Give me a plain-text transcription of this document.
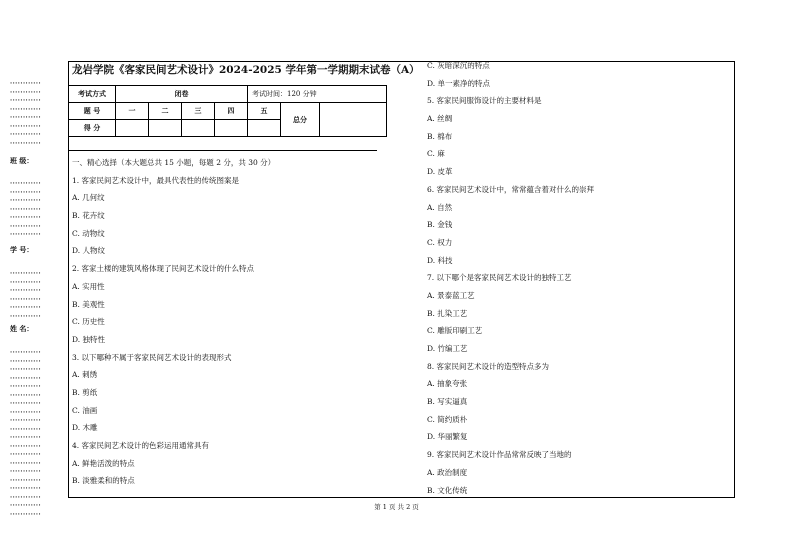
············
············
············
············
············
············
············
············
班 级：
············
············
············
············
············
············
············
学 号：
············
············
············
············
············
············
姓 名：
············
············
············
············
············
············
············
············
············
············
············
············
············
············
············
············
············
············
············
············
龙岩学院《客家民间艺术设计》2024-2025 学年第一学期期末试卷（A）
考试方式	闭卷				考试时间：120 分钟		
题 号	一	二	三	四	五	总分	
得 分							
一、精心选择（本大题总共 15 小题，每题 2 分，共 30 分）
1. 客家民间艺术设计中，最具代表性的传统图案是
A. 几何纹
B. 花卉纹
C. 动物纹
D. 人物纹
2. 客家土楼的建筑风格体现了民间艺术设计的什么特点
A. 实用性
B. 美观性
C. 历史性
D. 独特性
3. 以下哪种不属于客家民间艺术设计的表现形式
A. 刺绣
B. 剪纸
C. 油画
D. 木雕
4. 客家民间艺术设计的色彩运用通常具有
A. 鲜艳活泼的特点
B. 淡雅柔和的特点
C. 灰暗深沉的特点
D. 单一素净的特点
5. 客家民间服饰设计的主要材料是
A. 丝绸
B. 棉布
C. 麻
D. 皮革
6. 客家民间艺术设计中，常常蕴含着对什么的崇拜
A. 自然
B. 金钱
C. 权力
D. 科技
7. 以下哪个是客家民间艺术设计的独特工艺
A. 景泰蓝工艺
B. 扎染工艺
C. 雕版印刷工艺
D. 竹编工艺
8. 客家民间艺术设计的造型特点多为
A. 抽象夸张
B. 写实逼真
C. 简约质朴
D. 华丽繁复
9. 客家民间艺术设计作品常常反映了当地的
A. 政治制度
B. 文化传统
第 1 页 共 2 页
